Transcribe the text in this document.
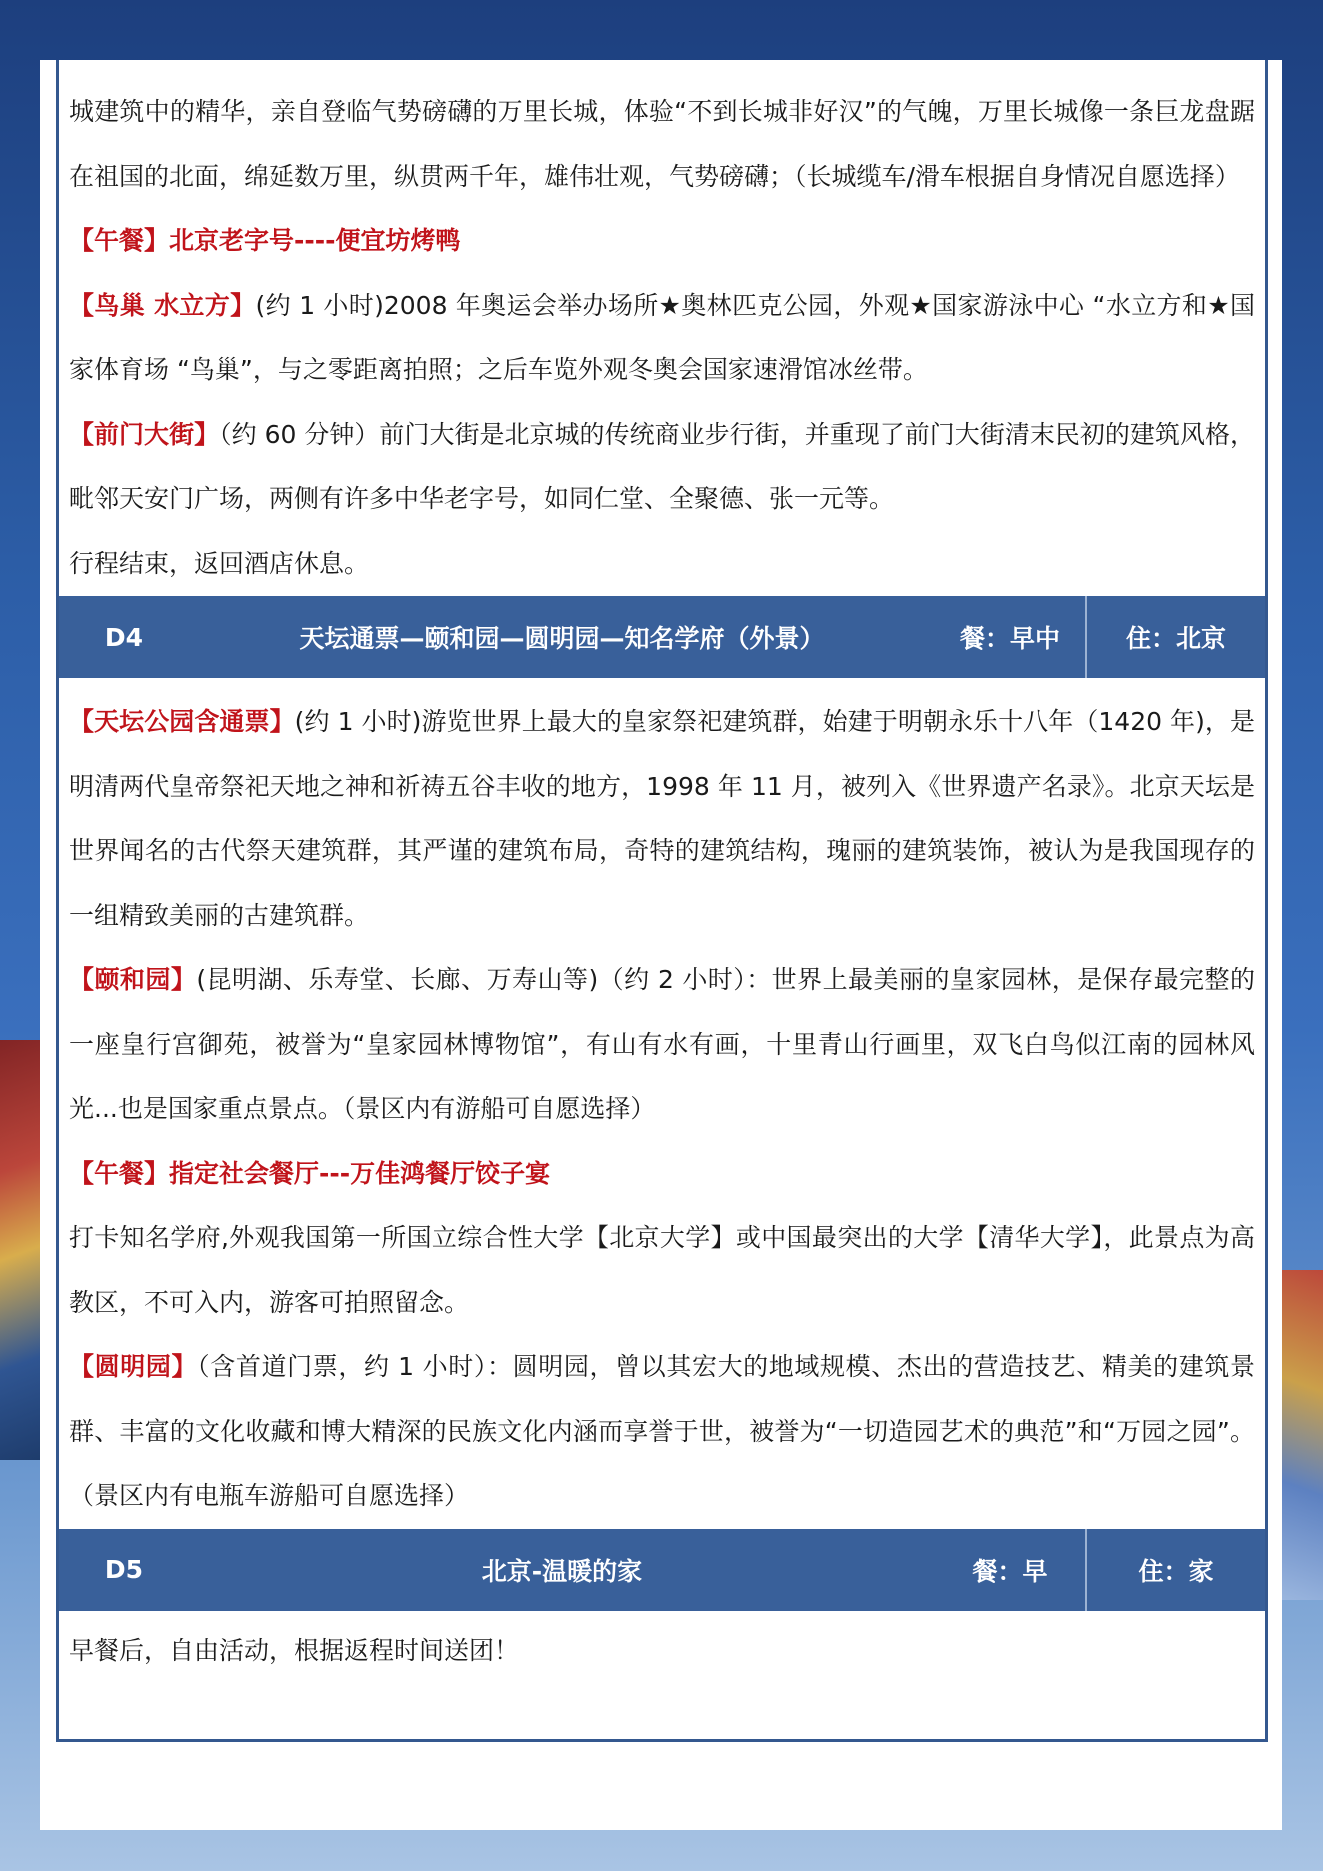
城建筑中的精华，亲自登临气势磅礴的万里长城，体验“不到长城非好汉”的气魄，万里长城像一条巨龙盘踞在祖国的北面，绵延数万里，纵贯两千年，雄伟壮观，气势磅礴；（长城缆车/滑车根据自身情况自愿选择）

【午餐】北京老字号----便宜坊烤鸭

【鸟巢 水立方】(约 1 小时)2008 年奥运会举办场所★奥林匹克公园，外观★国家游泳中心 “水立方和★国家体育场 “鸟巢”，与之零距离拍照；之后车览外观冬奥会国家速滑馆冰丝带。

【前门大街】（约 60 分钟）前门大街是北京城的传统商业步行街，并重现了前门大街清末民初的建筑风格，毗邻天安门广场，两侧有许多中华老字号，如同仁堂、全聚德、张一元等。

行程结束，返回酒店休息。

D4	天坛通票—颐和园—圆明园—知名学府（外景）	餐：早中	住：北京

【天坛公园含通票】(约 1 小时)游览世界上最大的皇家祭祀建筑群，始建于明朝永乐十八年（1420 年)，是明清两代皇帝祭祀天地之神和祈祷五谷丰收的地方，1998 年 11 月，被列入《世界遗产名录》。北京天坛是世界闻名的古代祭天建筑群，其严谨的建筑布局，奇特的建筑结构，瑰丽的建筑装饰，被认为是我国现存的一组精致美丽的古建筑群。

【颐和园】(昆明湖、乐寿堂、长廊、万寿山等)（约 2 小时）：世界上最美丽的皇家园林，是保存最完整的一座皇行宫御苑，被誉为“皇家园林博物馆”，有山有水有画，十里青山行画里，双飞白鸟似江南的园林风光...也是国家重点景点。（景区内有游船可自愿选择）

【午餐】指定社会餐厅---万佳鸿餐厅饺子宴

打卡知名学府,外观我国第一所国立综合性大学【北京大学】或中国最突出的大学【清华大学】，此景点为高教区，不可入内，游客可拍照留念。

【圆明园】（含首道门票，约 1 小时）：圆明园，曾以其宏大的地域规模、杰出的营造技艺、精美的建筑景群、丰富的文化收藏和博大精深的民族文化内涵而享誉于世，被誉为“一切造园艺术的典范”和“万园之园”。（景区内有电瓶车游船可自愿选择）

D5	北京-温暖的家	餐：早	住：家

早餐后，自由活动，根据返程时间送团！
